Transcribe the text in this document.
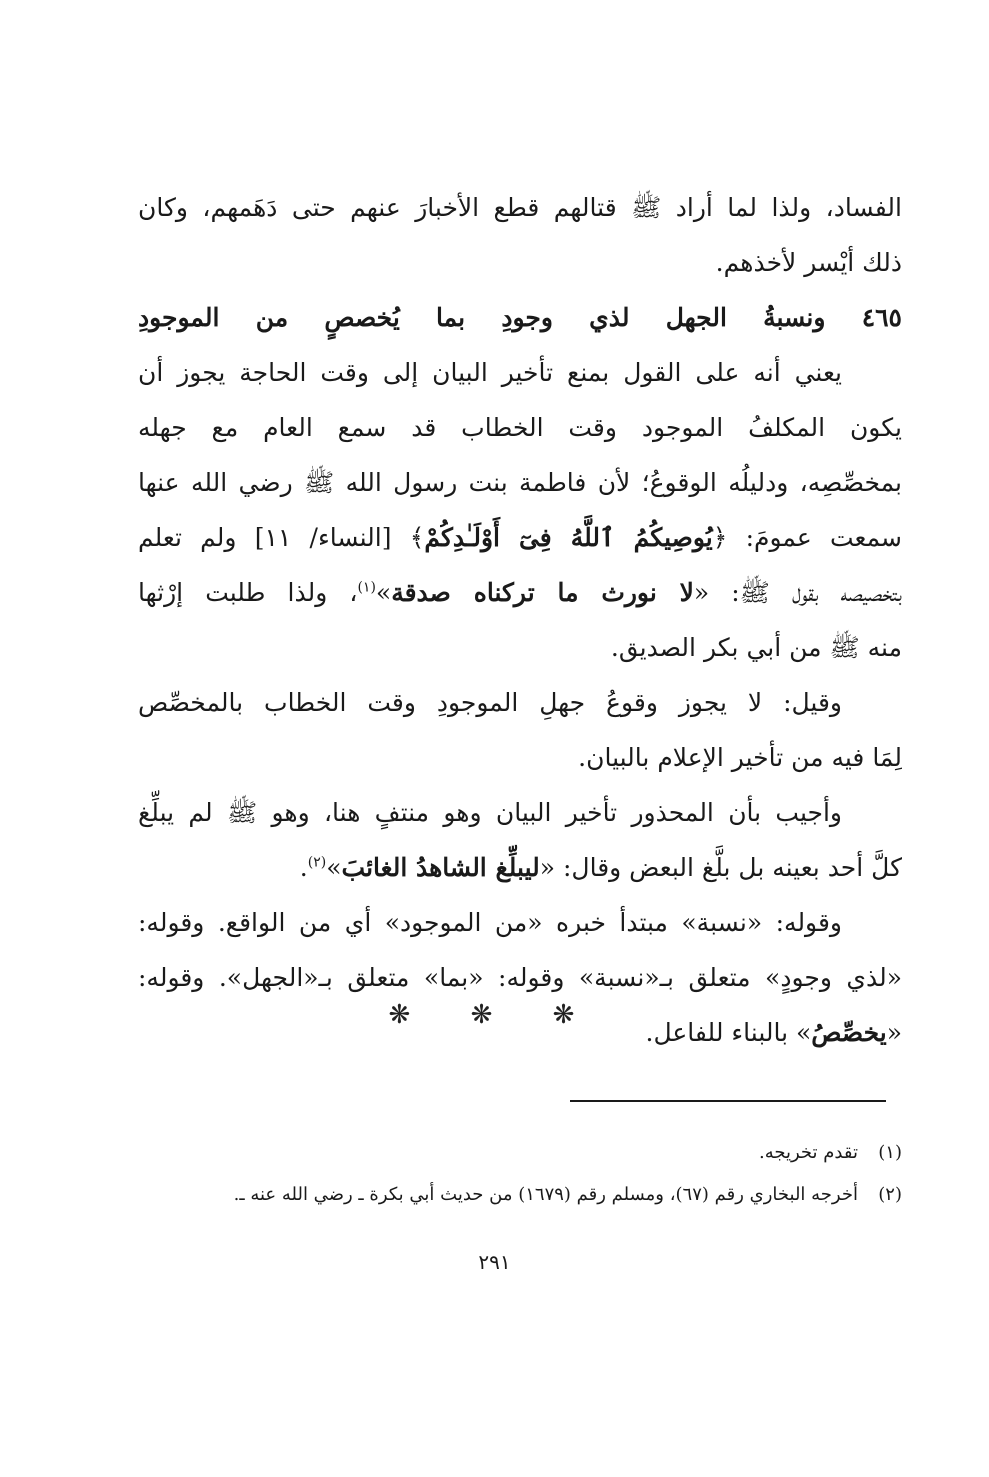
الفساد، ولذا لما أراد ﷺ قتالهم قطع الأخبارَ عنهم حتى دَهَمهم، وكان
ذلك أيْسر لأخذهم.
٤٦٥ ونسبةُ الجهل لذي وجودِ بما يُخصصٍ من الموجودِ
يعني أنه على القول بمنع تأخير البيان إلى وقت الحاجة يجوز أن
يكون المكلفُ الموجود وقت الخطاب قد سمع العام مع جهله
بمخصِّصِه، ودليلُه الوقوعُ؛ لأن فاطمة بنت رسول الله ﷺ رضي الله عنها
سمعت عمومَ: ﴿يُوصِيكُمُ ٱللَّهُ فِىٓ أَوْلَـٰدِكُمْ﴾ [النساء/ ١١] ولم تعلم
بتخصيصه بقول ﷺ: «لا نورث ما تركناه صدقة»$^{(١)}$، ولذا طلبت إرْثها
منه ﷺ من أبي بكر الصديق.
وقيل: لا يجوز وقوعُ جهلِ الموجودِ وقت الخطاب بالمخصِّص
لِمَا فيه من تأخير الإعلام بالبيان.
وأجيب بأن المحذور تأخير البيان وهو منتفٍ هنا، وهو ﷺ لم يبلِّغ
كلَّ أحد بعينه بل بلَّغ البعض وقال: «ليبلِّغ الشاهدُ الغائبَ»$^{(٢)}$.
وقوله: «نسبة» مبتدأ خبره «من الموجود» أي من الواقع. وقوله:
«لذي وجودٍ» متعلق بـ«نسبة» وقوله: «بما» متعلق بـ«الجهل». وقوله:
«يخصِّصُ» بالبناء للفاعل.
❋ ❋ ❋
(١)تقدم تخريجه.
(٢)أخرجه البخاري رقم (٦٧)، ومسلم رقم (١٦٧٩) من حديث أبي بكرة ـ رضي الله عنه ـ.
٢٩١
